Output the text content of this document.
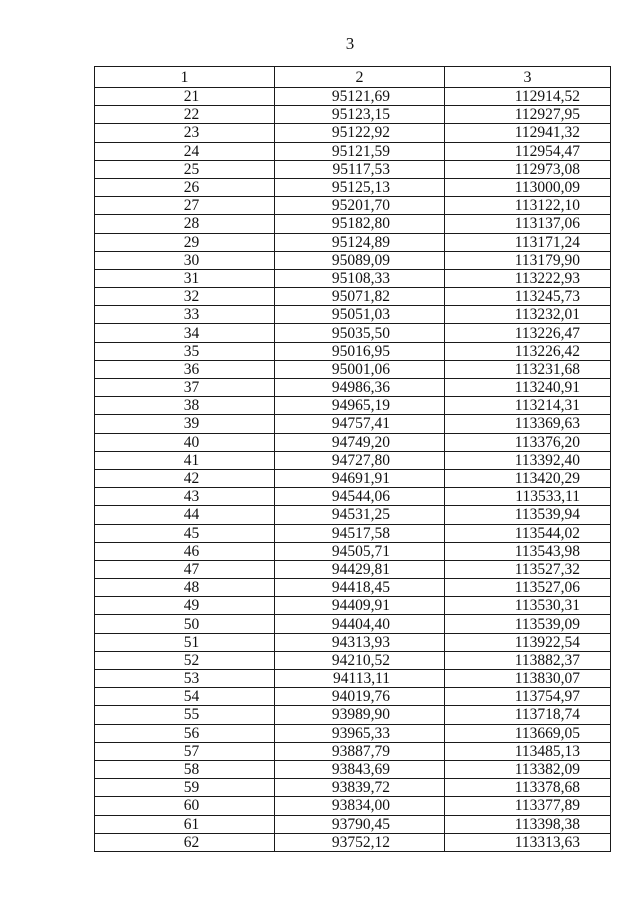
3
1	2	3
21	95121,69	112914,52
22	95123,15	112927,95
23	95122,92	112941,32
24	95121,59	112954,47
25	95117,53	112973,08
26	95125,13	113000,09
27	95201,70	113122,10
28	95182,80	113137,06
29	95124,89	113171,24
30	95089,09	113179,90
31	95108,33	113222,93
32	95071,82	113245,73
33	95051,03	113232,01
34	95035,50	113226,47
35	95016,95	113226,42
36	95001,06	113231,68
37	94986,36	113240,91
38	94965,19	113214,31
39	94757,41	113369,63
40	94749,20	113376,20
41	94727,80	113392,40
42	94691,91	113420,29
43	94544,06	113533,11
44	94531,25	113539,94
45	94517,58	113544,02
46	94505,71	113543,98
47	94429,81	113527,32
48	94418,45	113527,06
49	94409,91	113530,31
50	94404,40	113539,09
51	94313,93	113922,54
52	94210,52	113882,37
53	94113,11	113830,07
54	94019,76	113754,97
55	93989,90	113718,74
56	93965,33	113669,05
57	93887,79	113485,13
58	93843,69	113382,09
59	93839,72	113378,68
60	93834,00	113377,89
61	93790,45	113398,38
62	93752,12	113313,63
